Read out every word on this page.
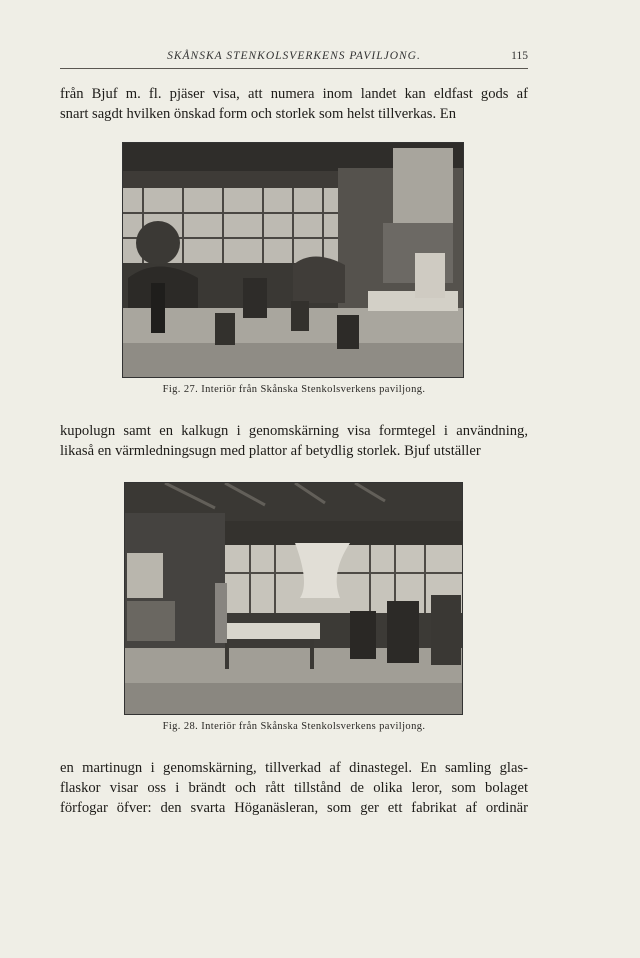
SKÅNSKA STENKOLSVERKENS PAVILJONG.	115

från Bjuf m. fl. pjäser visa, att numera inom landet kan eldfast gods af
snart sagdt hvilken önskad form och storlek som helst tillverkas. En

Fig. 27. Interiör från Skånska Stenkolsverkens paviljong.

kupolugn samt en kalkugn i genomskärning visa formtegel i användning,
likaså en värmledningsugn med plattor af betydlig storlek. Bjuf utställer

Fig. 28. Interiör från Skånska Stenkolsverkens paviljong.

en martinugn i genomskärning, tillverkad af dinastegel. En samling glas-
flaskor visar oss i brändt och rått tillstånd de olika leror, som bolaget
förfogar öfver: den svarta Höganäsleran, som ger ett fabrikat af ordinär
